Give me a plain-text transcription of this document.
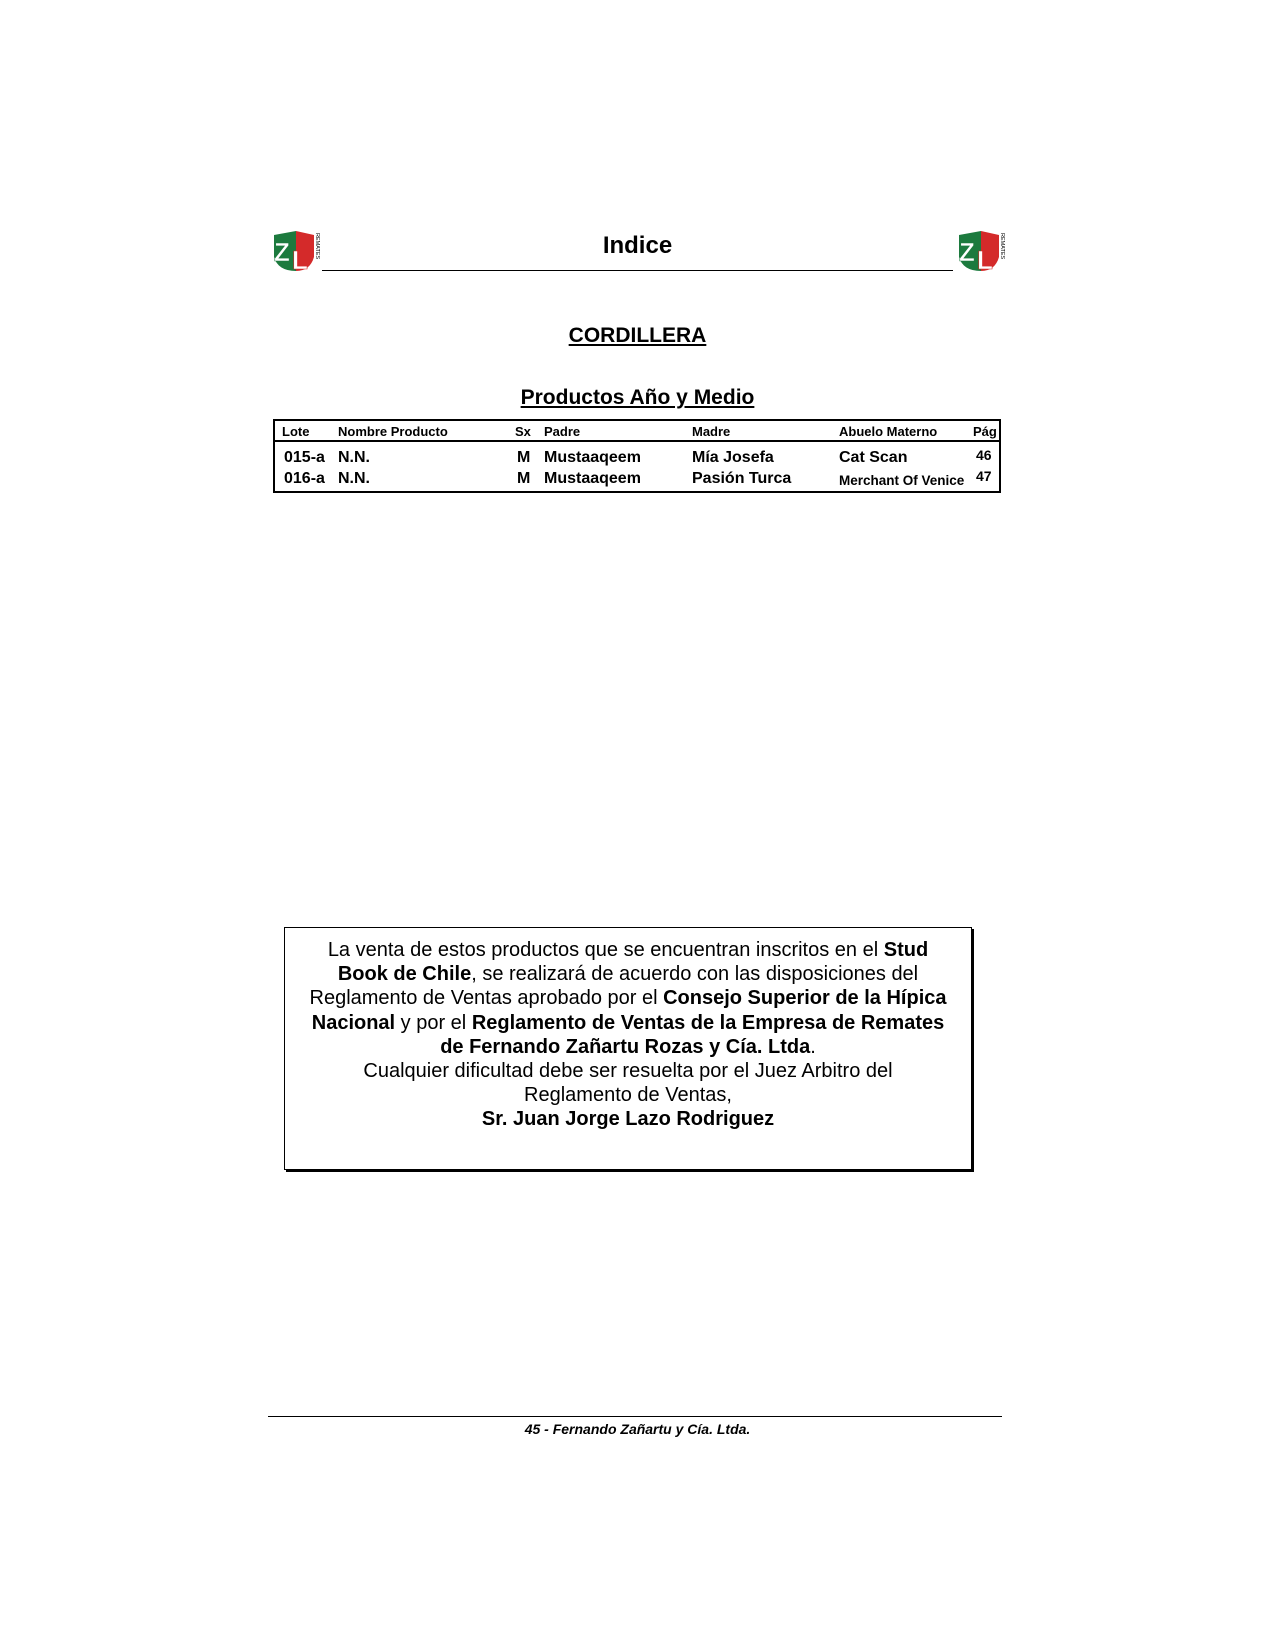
Z L REMATES	Indice	Z L REMATES
CORDILLERA
Productos Año y Medio
Lote Nombre Producto	Sx Padre	Madre	Abuelo Materno	Pág
015-a N.N.	M Mustaaqeem	Mía Josefa	Cat Scan	46
016-a N.N.	M Mustaaqeem	Pasión Turca	Merchant Of Venice 47
La venta de estos productos que se encuentran inscritos en el Stud Book de Chile, se realizará de acuerdo con las disposiciones del Reglamento de Ventas aprobado por el Consejo Superior de la Hípica Nacional y por el Reglamento de Ventas de la Empresa de Remates de Fernando Zañartu Rozas y Cía. Ltda.
Cualquier dificultad debe ser resuelta por el Juez Arbitro del Reglamento de Ventas,
Sr. Juan Jorge Lazo Rodriguez
45 - Fernando Zañartu y Cía. Ltda.
